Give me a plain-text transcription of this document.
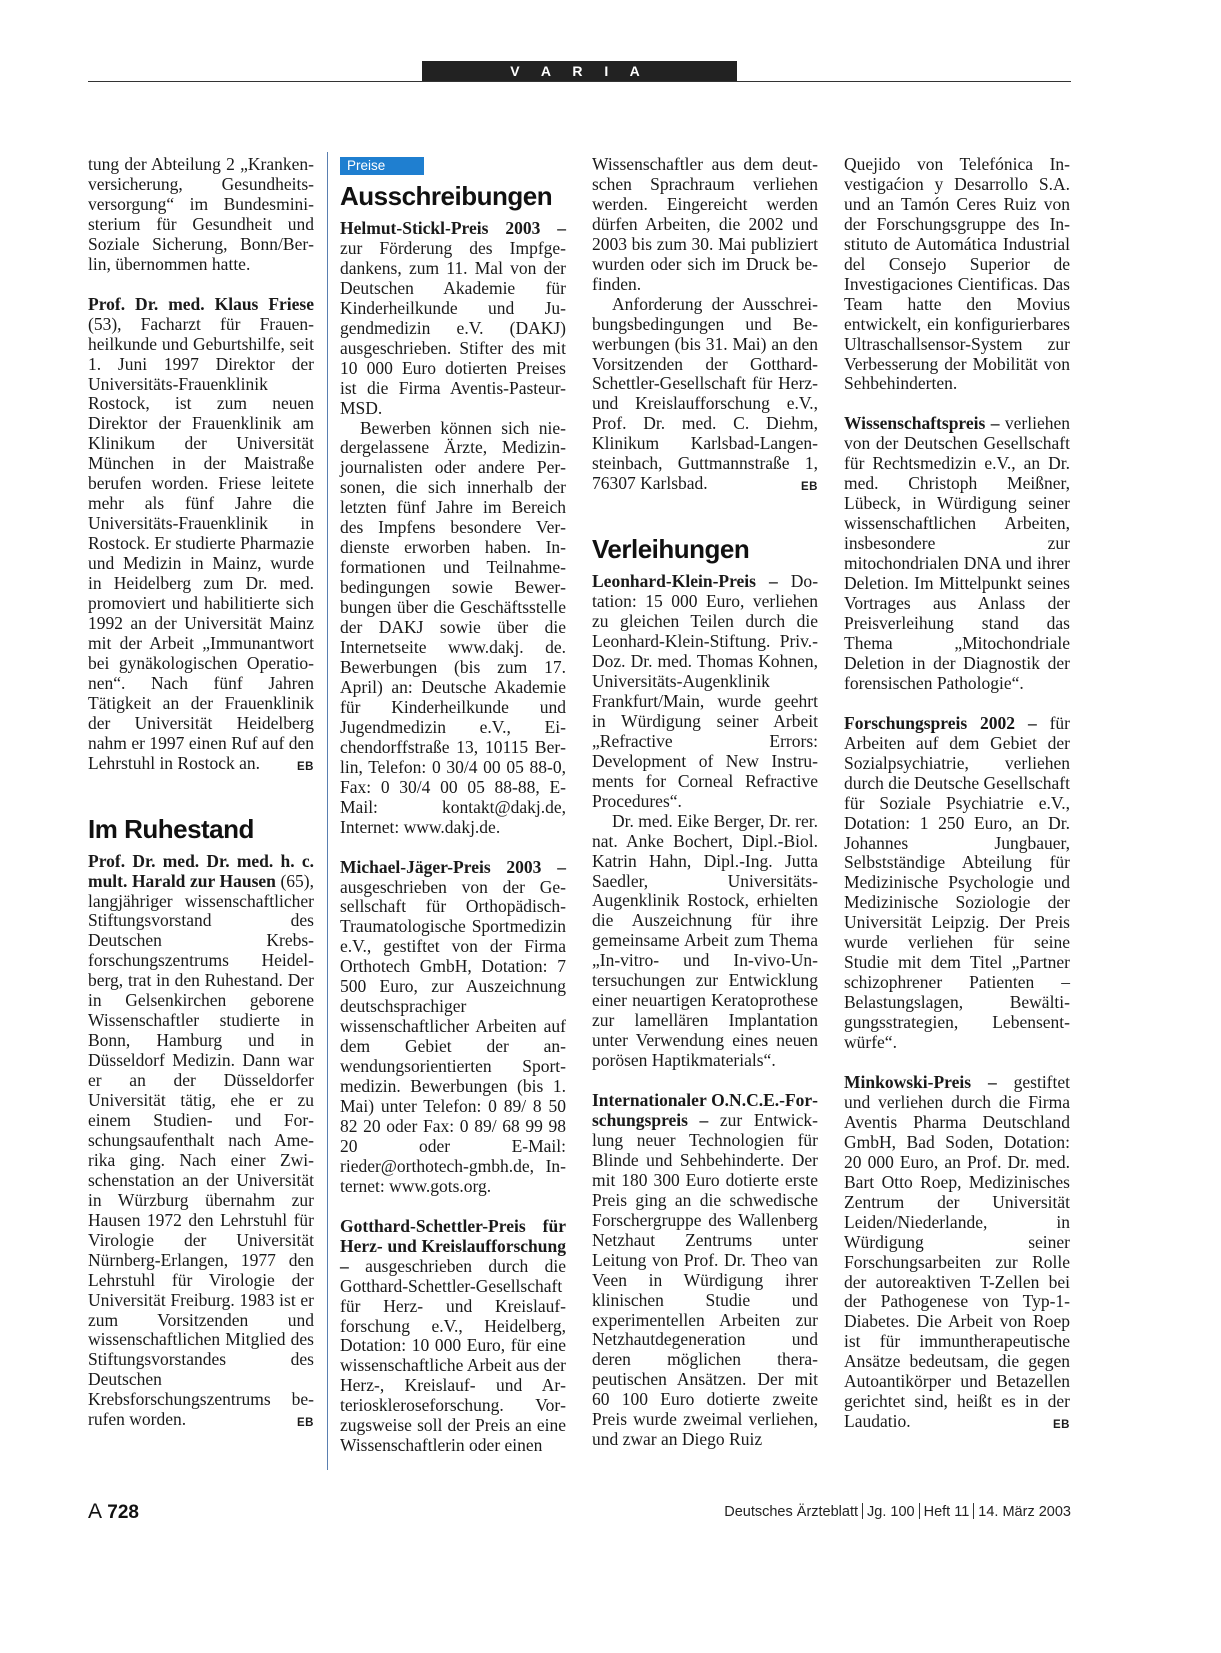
V A R I A

tung der Abteilung 2 „Krankenversicherung, Gesundheitsversorgung“ im Bundesministerium für Gesundheit und Soziale Sicherung, Bonn/Berlin, übernommen hatte.

Prof. Dr. med. Klaus Friese (53), Facharzt für Frauenheilkunde und Geburtshilfe, seit 1. Juni 1997 Direktor der Universitäts-Frauenklinik Rostock, ist zum neuen Direktor der Frauenklinik am Klinikum der Universität München in der Maistraße berufen worden. Friese leitete mehr als fünf Jahre die Universitäts-Frauenklinik in Rostock. Er studierte Pharmazie und Medizin in Mainz, wurde in Heidelberg zum Dr. med. promoviert und habilitierte sich 1992 an der Universität Mainz mit der Arbeit „Immunantwort bei gynäkologischen Operationen“. Nach fünf Jahren Tätigkeit an der Frauenklinik der Universität Heidelberg nahm er 1997 einen Ruf auf den Lehrstuhl in Rostock an.	EB

Im Ruhestand

Prof. Dr. med. Dr. med. h. c. mult. Harald zur Hausen (65), langjähriger wissenschaftlicher Stiftungsvorstand des Deutschen Krebsforschungszentrums Heidelberg, trat in den Ruhestand. Der in Gelsenkirchen geborene Wissenschaftler studierte in Bonn, Hamburg und in Düsseldorf Medizin. Dann war er an der Düsseldorfer Universität tätig, ehe er zu einem Studien- und Forschungsaufenthalt nach Amerika ging. Nach einer Zwischenstation an der Universität in Würzburg übernahm zur Hausen 1972 den Lehrstuhl für Virologie der Universität Nürnberg-Erlangen, 1977 den Lehrstuhl für Virologie der Universität Freiburg. 1983 ist er zum Vorsitzenden und wissenschaftlichen Mitglied des Stiftungsvorstandes des Deutschen Krebsforschungszentrums berufen worden.	EB

Preise
Ausschreibungen

Helmut-Stickl-Preis 2003 – zur Förderung des Impfgedankens, zum 11. Mal von der Deutschen Akademie für Kinderheilkunde und Jugendmedizin e.V. (DAKJ) ausgeschrieben. Stifter des mit 10 000 Euro dotierten Preises ist die Firma Aventis-Pasteur-MSD.

Bewerben können sich niedergelassene Ärzte, Medizinjournalisten oder andere Personen, die sich innerhalb der letzten fünf Jahre im Bereich des Impfens besondere Verdienste erworben haben. Informationen und Teilnahmebedingungen sowie Bewerbungen über die Geschäftsstelle der DAKJ sowie über die Internetseite www.dakj. de. Bewerbungen (bis zum 17. April) an: Deutsche Akademie für Kinderheilkunde und Jugendmedizin e.V., Eichendorffstraße 13, 10115 Berlin, Telefon: 0 30/4 00 05 88-0, Fax: 0 30/4 00 05 88-88, E-Mail: kontakt@dakj.de, Internet: www.dakj.de.

Michael-Jäger-Preis 2003 – ausgeschrieben von der Gesellschaft für Orthopädisch-Traumatologische Sportmedizin e.V., gestiftet von der Firma Orthotech GmbH, Dotation: 7 500 Euro, zur Auszeichnung deutschsprachiger wissenschaftlicher Arbeiten auf dem Gebiet der anwendungsorientierten Sportmedizin. Bewerbungen (bis 1. Mai) unter Telefon: 0 89/ 8 50 82 20 oder Fax: 0 89/ 68 99 98 20 oder E-Mail: rieder@orthotech-gmbh.de, Internet: www.gots.org.

Gotthard-Schettler-Preis für Herz- und Kreislaufforschung – ausgeschrieben durch die Gotthard-Schettler-Gesellschaft für Herz- und Kreislaufforschung e.V., Heidelberg, Dotation: 10 000 Euro, für eine wissenschaftliche Arbeit aus der Herz-, Kreislauf- und Arterioskleroseforschung. Vorzugsweise soll der Preis an eine Wissenschaftlerin oder einen

Wissenschaftler aus dem deutschen Sprachraum verliehen werden. Eingereicht werden dürfen Arbeiten, die 2002 und 2003 bis zum 30. Mai publiziert wurden oder sich im Druck befinden.

Anforderung der Ausschreibungsbedingungen und Bewerbungen (bis 31. Mai) an den Vorsitzenden der Gotthard-Schettler-Gesellschaft für Herz- und Kreislaufforschung e.V., Prof. Dr. med. C. Diehm, Klinikum Karlsbad-Langensteinbach, Guttmannstraße 1, 76307 Karlsbad.	EB

Verleihungen

Leonhard-Klein-Preis – Dotation: 15 000 Euro, verliehen zu gleichen Teilen durch die Leonhard-Klein-Stiftung. Priv.-Doz. Dr. med. Thomas Kohnen, Universitäts-Augenklinik Frankfurt/Main, wurde geehrt in Würdigung seiner Arbeit „Refractive Errors: Development of New Instruments for Corneal Refractive Procedures“.

Dr. med. Eike Berger, Dr. rer. nat. Anke Bochert, Dipl.-Biol. Katrin Hahn, Dipl.-Ing. Jutta Saedler, Universitäts-Augenklinik Rostock, erhielten die Auszeichnung für ihre gemeinsame Arbeit zum Thema „In-vitro- und In-vivo-Untersuchungen zur Entwicklung einer neuartigen Keratoprothese zur lamellären Implantation unter Verwendung eines neuen porösen Haptikmaterials“.

Internationaler O.N.C.E.-Forschungspreis – zur Entwicklung neuer Technologien für Blinde und Sehbehinderte. Der mit 180 300 Euro dotierte erste Preis ging an die schwedische Forschergruppe des Wallenberg Netzhaut Zentrums unter Leitung von Prof. Dr. Theo van Veen in Würdigung ihrer klinischen Studie und experimentellen Arbeiten zur Netzhautdegeneration und deren möglichen therapeutischen Ansätzen. Der mit 60 100 Euro dotierte zweite Preis wurde zweimal verliehen, und zwar an Diego Ruiz

Quejido von Telefónica Investigaćion y Desarrollo S.A. und an Tamón Ceres Ruiz von der Forschungsgruppe des Instituto de Automática Industrial del Consejo Superior de Investigaciones Cientificas. Das Team hatte den Movius entwickelt, ein konfigurierbares Ultraschallsensor-System zur Verbesserung der Mobilität von Sehbehinderten.

Wissenschaftspreis – verliehen von der Deutschen Gesellschaft für Rechtsmedizin e.V., an Dr. med. Christoph Meißner, Lübeck, in Würdigung seiner wissenschaftlichen Arbeiten, insbesondere zur mitochondrialen DNA und ihrer Deletion. Im Mittelpunkt seines Vortrages aus Anlass der Preisverleihung stand das Thema „Mitochondriale Deletion in der Diagnostik der forensischen Pathologie“.

Forschungspreis 2002 – für Arbeiten auf dem Gebiet der Sozialpsychiatrie, verliehen durch die Deutsche Gesellschaft für Soziale Psychiatrie e.V., Dotation: 1 250 Euro, an Dr. Johannes Jungbauer, Selbstständige Abteilung für Medizinische Psychologie und Medizinische Soziologie der Universität Leipzig. Der Preis wurde verliehen für seine Studie mit dem Titel „Partner schizophrener Patienten – Belastungslagen, Bewältigungsstrategien, Lebensentwürfe“.

Minkowski-Preis – gestiftet und verliehen durch die Firma Aventis Pharma Deutschland GmbH, Bad Soden, Dotation: 20 000 Euro, an Prof. Dr. med. Bart Otto Roep, Medizinisches Zentrum der Universität Leiden/Niederlande, in Würdigung seiner Forschungsarbeiten zur Rolle der autoreaktiven T-Zellen bei der Pathogenese von Typ-1-Diabetes. Die Arbeit von Roep ist für immuntherapeutische Ansätze bedeutsam, die gegen Autoantikörper und Betazellen gerichtet sind, heißt es in der Laudatio.	EB

A 728	Deutsches Ärzteblatt Jg. 100 Heft 11 14. März 2003
